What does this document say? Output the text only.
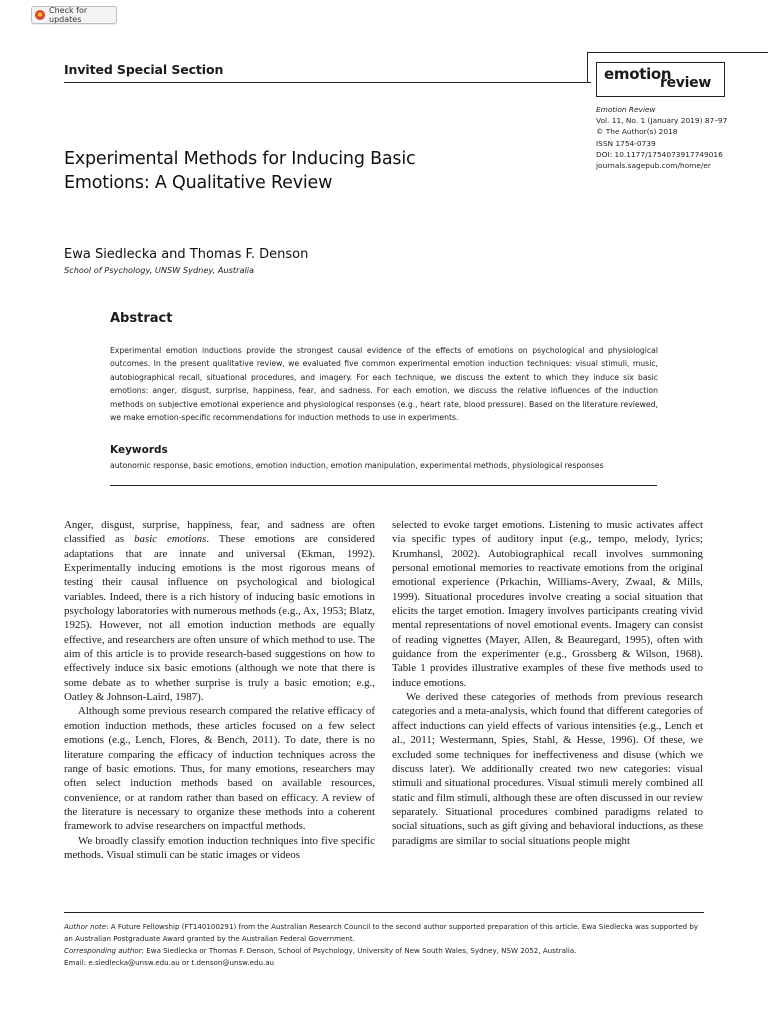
Check for updates
Invited Special Section	emotion
review
Emotion Review
Vol. 11, No. 1 (January 2019) 87–97
© The Author(s) 2018
ISSN 1754-0739
DOI: 10.1177/1754073917749016
journals.sagepub.com/home/er
Experimental Methods for Inducing Basic
Emotions: A Qualitative Review
Ewa Siedlecka and Thomas F. Denson
School of Psychology, UNSW Sydney, Australia
Abstract
Experimental emotion inductions provide the strongest causal evidence of the effects of emotions on psychological and physiological outcomes. In the present qualitative review, we evaluated five common experimental emotion induction techniques: visual stimuli, music, autobiographical recall, situational procedures, and imagery. For each technique, we discuss the extent to which they induce six basic emotions: anger, disgust, surprise, happiness, fear, and sadness. For each emotion, we discuss the relative influences of the induction methods on subjective emotional experience and physiological responses (e.g., heart rate, blood pressure). Based on the literature reviewed, we make emotion-specific recommendations for induction methods to use in experiments.
Keywords
autonomic response, basic emotions, emotion induction, emotion manipulation, experimental methods, physiological responses

Anger, disgust, surprise, happiness, fear, and sadness are often classified as basic emotions. These emotions are considered adaptations that are innate and universal (Ekman, 1992). Experimentally inducing emotions is the most rigorous means of testing their causal influence on psychological and biological variables. Indeed, there is a rich history of inducing basic emotions in psychology laboratories with numerous methods (e.g., Ax, 1953; Blatz, 1925). However, not all emotion induction methods are equally effective, and researchers are often unsure of which method to use. The aim of this article is to provide research-based suggestions on how to effectively induce six basic emotions (although we note that there is some debate as to whether surprise is truly a basic emotion; e.g., Oatley & Johnson-Laird, 1987).

Although some previous research compared the relative efficacy of emotion induction methods, these articles focused on a few select emotions (e.g., Lench, Flores, & Bench, 2011). To date, there is no literature comparing the efficacy of induction techniques across the range of basic emotions. Thus, for many emotions, researchers may often select induction methods based on available resources, convenience, or at random rather than based on efficacy. A review of the literature is necessary to organize these methods into a coherent framework to advise researchers on impactful methods.

We broadly classify emotion induction techniques into five specific methods. Visual stimuli can be static images or videos

selected to evoke target emotions. Listening to music activates affect via specific types of auditory input (e.g., tempo, melody, lyrics; Krumhansl, 2002). Autobiographical recall involves summoning personal emotional memories to reactivate emotions from the original emotional experience (Prkachin, Williams-Avery, Zwaal, & Mills, 1999). Situational procedures involve creating a social situation that elicits the target emotion. Imagery involves participants creating vivid mental representations of novel emotional events. Imagery can consist of reading vignettes (Mayer, Allen, & Beauregard, 1995), often with guidance from the experimenter (e.g., Grossberg & Wilson, 1968). Table 1 provides illustrative examples of these five methods used to induce emotions.

We derived these categories of methods from previous research categories and a meta-analysis, which found that different categories of affect inductions can yield effects of various intensities (e.g., Lench et al., 2011; Westermann, Spies, Stahl, & Hesse, 1996). Of these, we excluded some techniques for ineffectiveness and disuse (which we discuss later). We additionally created two new categories: visual stimuli and situational procedures. Visual stimuli merely combined all static and film stimuli, although these are often discussed in our review separately. Situational procedures combined paradigms related to social situations, such as gift giving and behavioral inductions, as these paradigms are similar to social situations people might

Author note: A Future Fellowship (FT140100291) from the Australian Research Council to the second author supported preparation of this article. Ewa Siedlecka was supported by an Australian Postgraduate Award granted by the Australian Federal Government.
Corresponding author: Ewa Siedlecka or Thomas F. Denson, School of Psychology, University of New South Wales, Sydney, NSW 2052, Australia.
Email: e.siedlecka@unsw.edu.au or t.denson@unsw.edu.au
